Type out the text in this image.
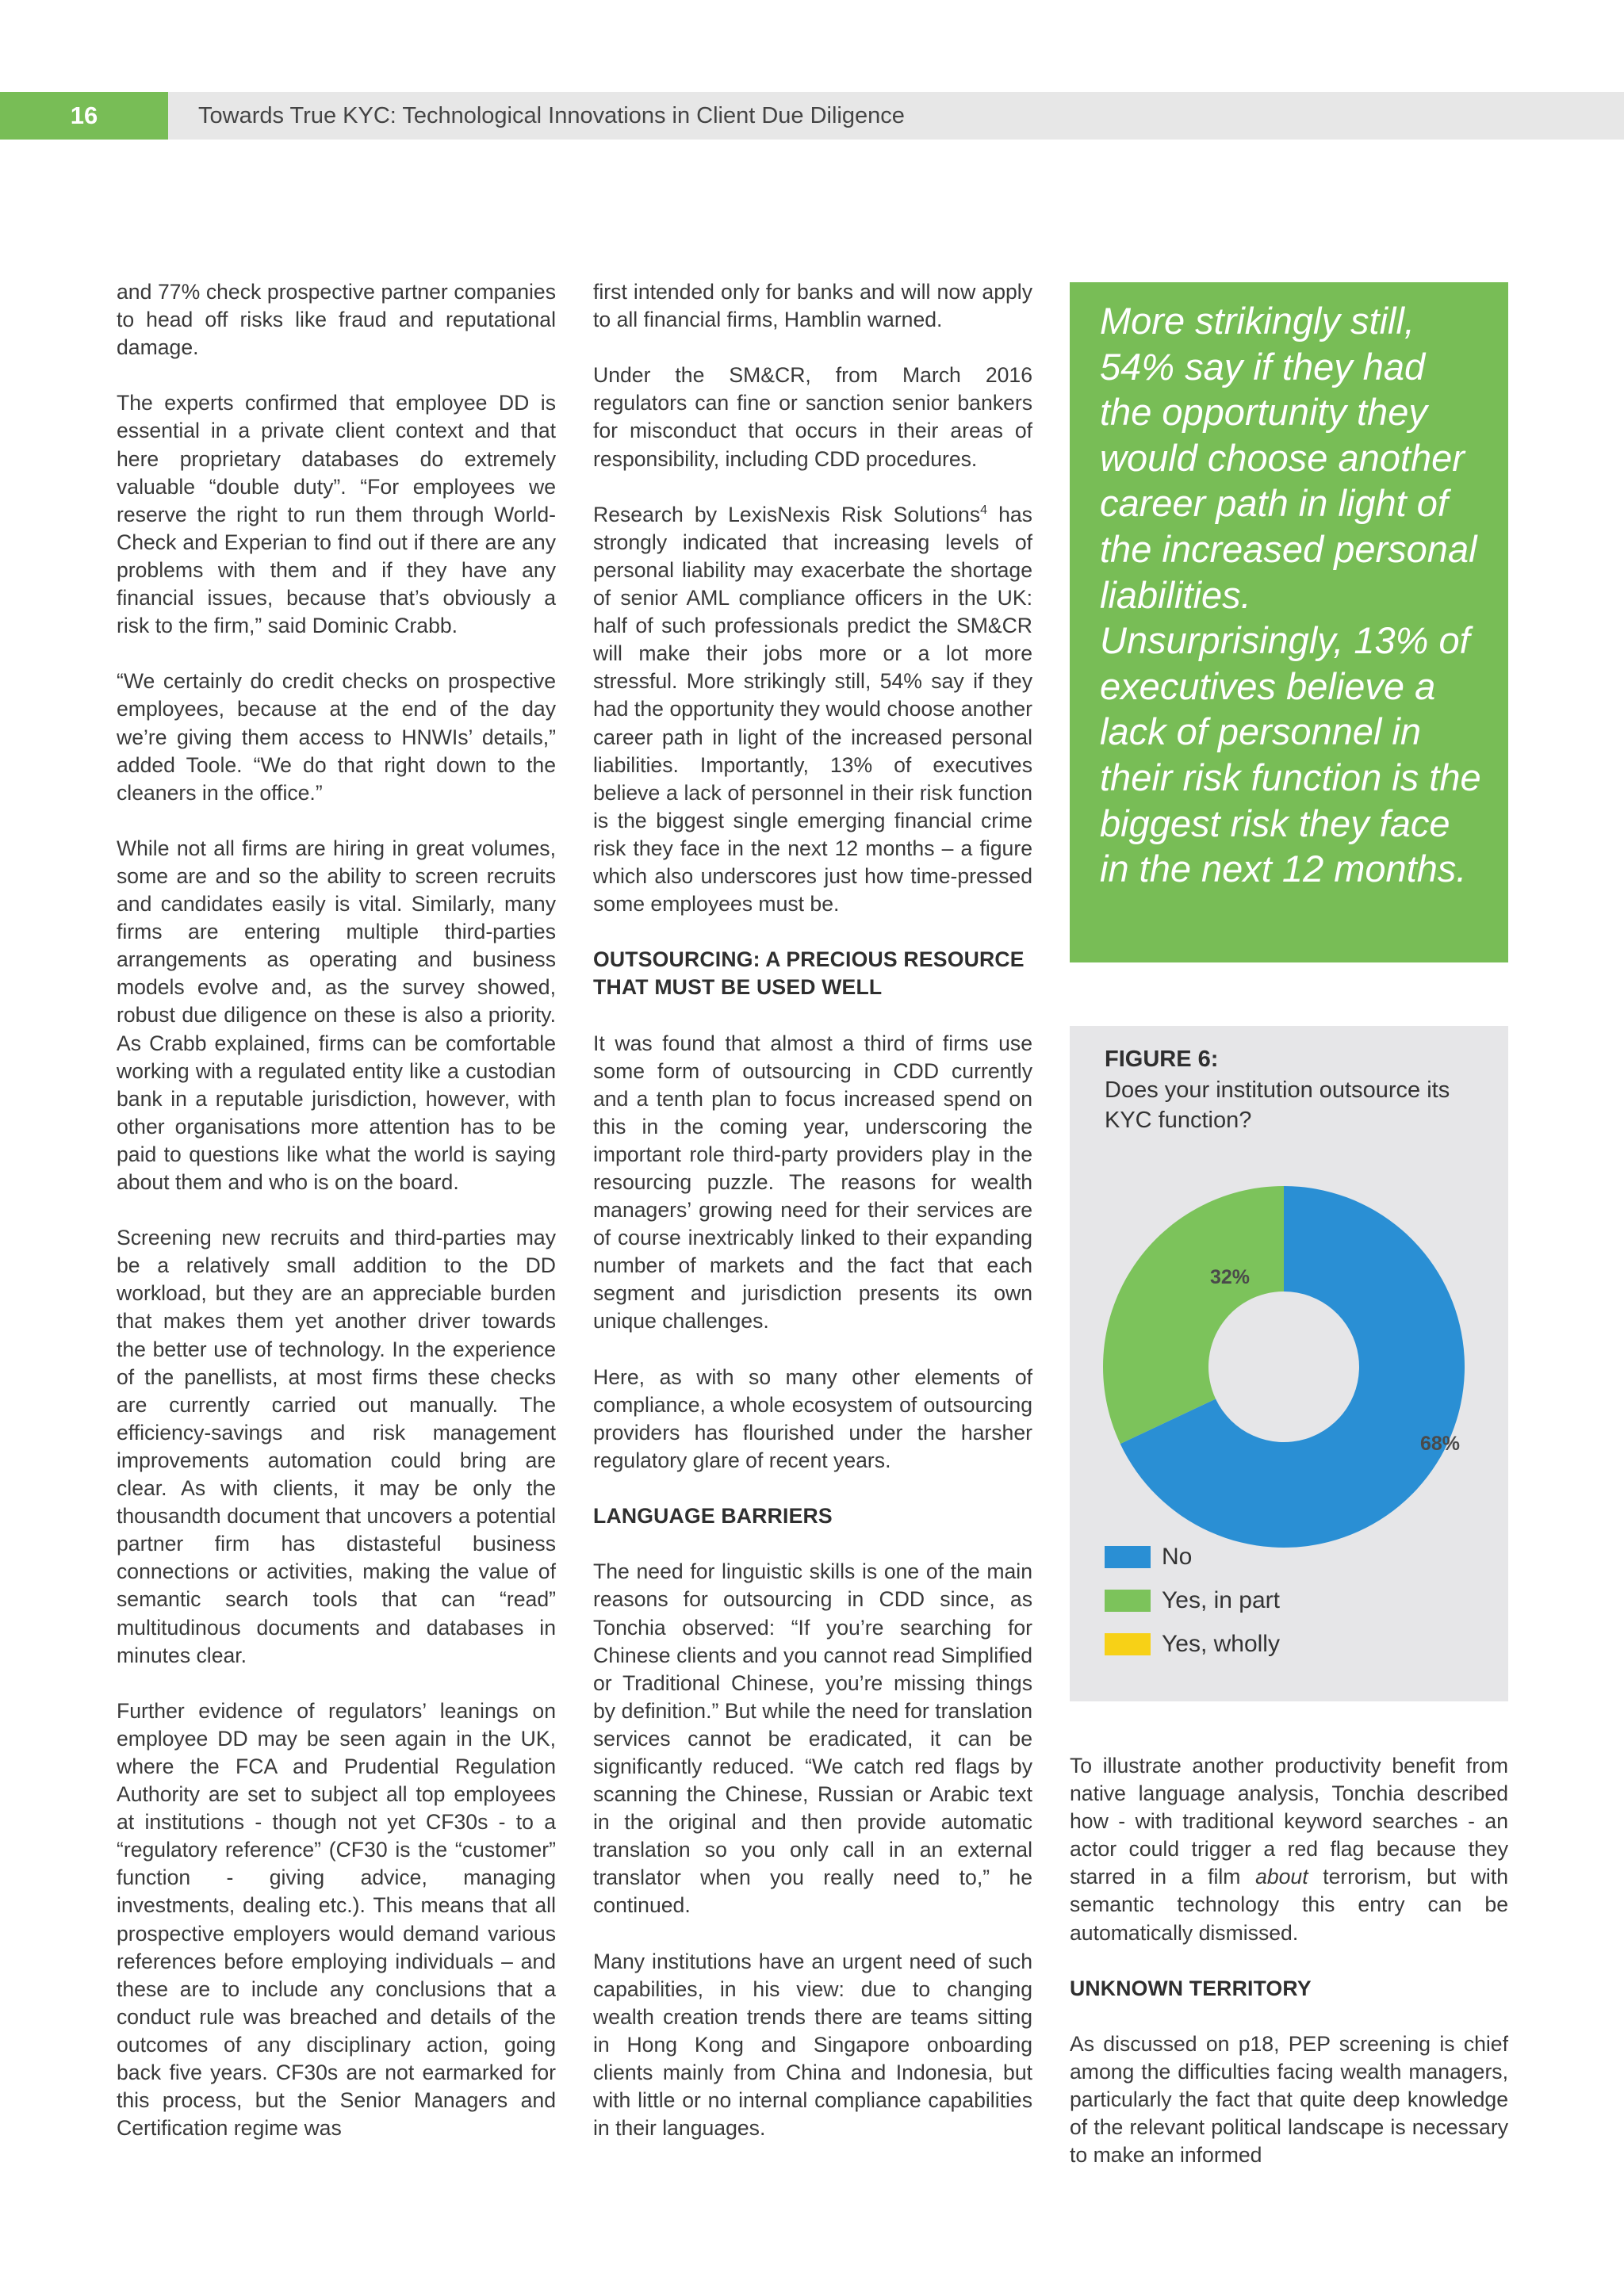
16	Towards True KYC: Technological Innovations in Client Due Diligence

and 77% check prospective partner companies to head off risks like fraud and reputational damage.

The experts confirmed that employee DD is essential in a private client context and that here proprietary databases do extremely valuable “double duty”. “For employees we reserve the right to run them through World-Check and Experian to find out if there are any problems with them and if they have any financial issues, because that’s obviously a risk to the firm,” said Dominic Crabb.

“We certainly do credit checks on prospective employees, because at the end of the day we’re giving them access to HNWIs’ details,” added Toole. “We do that right down to the cleaners in the office.”

While not all firms are hiring in great volumes, some are and so the ability to screen recruits and candidates easily is vital. Similarly, many firms are entering multiple third-parties arrangements as operating and business models evolve and, as the survey showed, robust due diligence on these is also a priority. As Crabb explained, firms can be comfortable working with a regulated entity like a custodian bank in a reputable jurisdiction, however, with other organisations more attention has to be paid to questions like what the world is saying about them and who is on the board.

Screening new recruits and third-parties may be a relatively small addition to the DD workload, but they are an appreciable burden that makes them yet another driver towards the better use of technology. In the experience of the panellists, at most firms these checks are currently carried out manually. The efficiency-savings and risk management improvements automation could bring are clear. As with clients, it may be only the thousandth document that uncovers a potential partner firm has distasteful business connections or activities, making the value of semantic search tools that can “read” multitudinous documents and databases in minutes clear.

Further evidence of regulators’ leanings on employee DD may be seen again in the UK, where the FCA and Prudential Regulation Authority are set to subject all top employees at institutions - though not yet CF30s - to a “regulatory reference” (CF30 is the “customer” function - giving advice, managing investments, dealing etc.). This means that all prospective employers would demand various references before employing individuals – and these are to include any conclusions that a conduct rule was breached and details of the outcomes of any disciplinary action, going back five years. CF30s are not earmarked for this process, but the Senior Managers and Certification regime was

first intended only for banks and will now apply to all financial firms, Hamblin warned.

Under the SM&CR, from March 2016 regulators can fine or sanction senior bankers for misconduct that occurs in their areas of responsibility, including CDD procedures.

Research by LexisNexis Risk Solutions$^4$ has strongly indicated that increasing levels of personal liability may exacerbate the shortage of senior AML compliance officers in the UK: half of such professionals predict the SM&CR will make their jobs more or a lot more stressful. More strikingly still, 54% say if they had the opportunity they would choose another career path in light of the increased personal liabilities. Importantly, 13% of executives believe a lack of personnel in their risk function is the biggest single emerging financial crime risk they face in the next 12 months – a figure which also underscores just how time-pressed some employees must be.

OUTSOURCING: A PRECIOUS RESOURCE THAT MUST BE USED WELL

It was found that almost a third of firms use some form of outsourcing in CDD currently and a tenth plan to focus increased spend on this in the coming year, underscoring the important role third-party providers play in the resourcing puzzle. The reasons for wealth managers’ growing need for their services are of course inextricably linked to their expanding number of markets and the fact that each segment and jurisdiction presents its own unique challenges.

Here, as with so many other elements of compliance, a whole ecosystem of outsourcing providers has flourished under the harsher regulatory glare of recent years.

LANGUAGE BARRIERS

The need for linguistic skills is one of the main reasons for outsourcing in CDD since, as Tonchia observed: “If you’re searching for Chinese clients and you cannot read Simplified or Traditional Chinese, you’re missing things by definition.” But while the need for translation services cannot be eradicated, it can be significantly reduced. “We catch red flags by scanning the Chinese, Russian or Arabic text in the original and then provide automatic translation so you only call in an external translator when you really need to,” he continued.

Many institutions have an urgent need of such capabilities, in his view: due to changing wealth creation trends there are teams sitting in Hong Kong and Singapore onboarding clients mainly from China and Indonesia, but with little or no internal compliance capabilities in their languages.

More strikingly still, 54% say if they had the opportunity they would choose another career path in light of the increased personal liabilities. Unsurprisingly, 13% of executives believe a lack of personnel in their risk function is the biggest risk they face in the next 12 months.

FIGURE 6:
Does your institution outsource its KYC function?
68%
32%
No
Yes, in part
Yes, wholly

To illustrate another productivity benefit from native language analysis, Tonchia described how - with traditional keyword searches - an actor could trigger a red flag because they starred in a film about terrorism, but with semantic technology this entry can be automatically dismissed.

UNKNOWN TERRITORY

As discussed on p18, PEP screening is chief among the difficulties facing wealth managers, particularly the fact that quite deep knowledge of the relevant political landscape is necessary to make an informed
